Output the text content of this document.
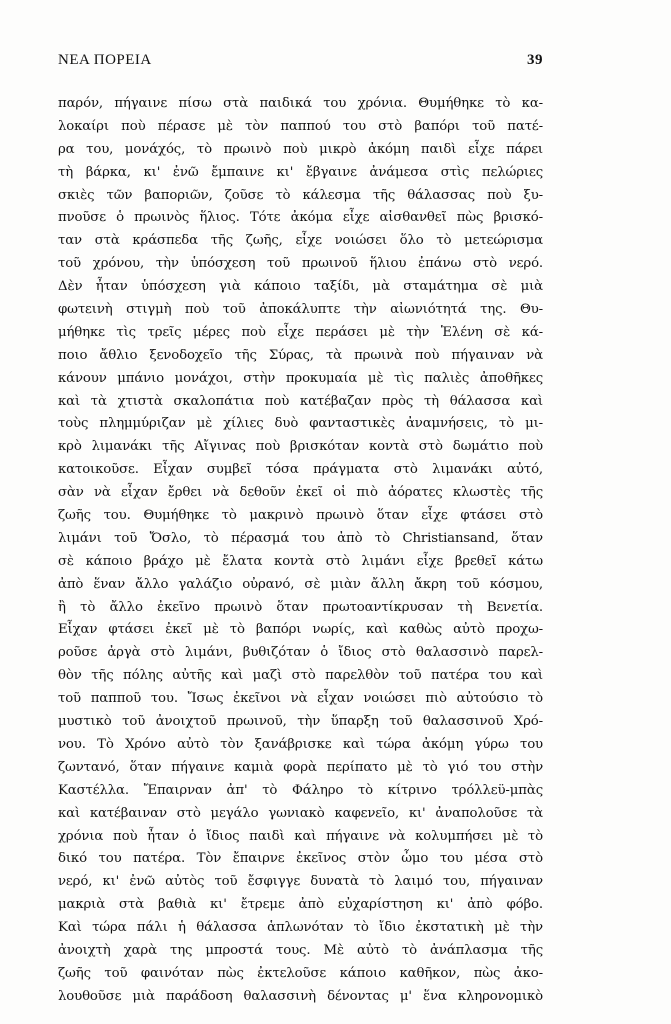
ΝΕΑ ΠΟΡΕΙΑ	39
παρόν, πήγαινε πίσω στὰ παιδικά του χρόνια. Θυμήθηκε τὸ κα-
λοκαίρι ποὺ πέρασε μὲ τὸν παππού του στὸ βαπόρι τοῦ πατέ-
ρα του, μονάχός, τὸ πρωινὸ ποὺ μικρὸ ἀκόμη παιδὶ εἶχε πάρει
τὴ βάρκα, κι' ἐνῶ ἔμπαινε κι' ἔβγαινε ἀνάμεσα στὶς πελώριες
σκιὲς τῶν βαποριῶν, ζοῦσε τὸ κάλεσμα τῆς θάλασσας ποὺ ξυ-
πνοῦσε ὁ πρωινὸς ἥλιος. Τότε ἀκόμα εἶχε αἰσθανθεῖ πὼς βρισκό-
ταν στὰ κράσπεδα τῆς ζωῆς, εἶχε νοιώσει ὅλο τὸ μετεώρισμα
τοῦ χρόνου, τὴν ὑπόσχεση τοῦ πρωινοῦ ἥλιου ἐπάνω στὸ νερό.
Δὲν ἦταν ὑπόσχεση γιὰ κάποιο ταξίδι, μὰ σταμάτημα σὲ μιὰ
φωτεινὴ στιγμὴ ποὺ τοῦ ἀποκάλυπτε τὴν αἰωνιότητά της. Θυ-
μήθηκε τὶς τρεῖς μέρες ποὺ εἶχε περάσει μὲ τὴν Ἑλένη σὲ κά-
ποιο ἄθλιο ξενοδοχεῖο τῆς Σύρας, τὰ πρωινὰ ποὺ πήγαιναν νὰ
κάνουν μπάνιο μονάχοι, στὴν προκυμαία μὲ τὶς παλιὲς ἀποθῆκες
καὶ τὰ χτιστὰ σκαλοπάτια ποὺ κατέβαζαν πρὸς τὴ θάλασσα καὶ
τοὺς πλημμύριζαν μὲ χίλιες δυὸ φανταστικὲς ἀναμνήσεις, τὸ μι-
κρὸ λιμανάκι τῆς Αἴγινας ποὺ βρισκόταν κοντὰ στὸ δωμάτιο ποὺ
κατοικοῦσε. Εἶχαν συμβεῖ τόσα πράγματα στὸ λιμανάκι αὐτό,
σὰν νὰ εἶχαν ἔρθει νὰ δεθοῦν ἐκεῖ οἱ πιὸ ἀόρατες κλωστὲς τῆς
ζωῆς του. Θυμήθηκε τὸ μακρινὸ πρωινὸ ὅταν εἶχε φτάσει στὸ
λιμάνι τοῦ Ὄσλο, τὸ πέρασμά του ἀπὸ τὸ Christiansand, ὅταν
σὲ κάποιο βράχο μὲ ἔλατα κοντὰ στὸ λιμάνι εἶχε βρεθεῖ κάτω
ἀπὸ ἕναν ἄλλο γαλάζιο οὐρανό, σὲ μιὰν ἄλλη ἄκρη τοῦ κόσμου,
ἢ τὸ ἄλλο ἐκεῖνο πρωινὸ ὅταν πρωτοαντίκρυσαν τὴ Βενετία.
Εἶχαν φτάσει ἐκεῖ μὲ τὸ βαπόρι νωρίς, καὶ καθὼς αὐτὸ προχω-
ροῦσε ἀργὰ στὸ λιμάνι, βυθιζόταν ὁ ἴδιος στὸ θαλασσινὸ παρελ-
θὸν τῆς πόλης αὐτῆς καὶ μαζὶ στὸ παρελθὸν τοῦ πατέρα του καὶ
τοῦ παπποῦ του. Ἴσως ἐκεῖνοι νὰ εἶχαν νοιώσει πιὸ αὐτούσιο τὸ
μυστικὸ τοῦ ἀνοιχτοῦ πρωινοῦ, τὴν ὕπαρξη τοῦ θαλασσινοῦ Χρό-
νου. Τὸ Χρόνο αὐτὸ τὸν ξανάβρισκε καὶ τώρα ἀκόμη γύρω του
ζωντανό, ὅταν πήγαινε καμιὰ φορὰ περίπατο μὲ τὸ γιό του στὴν
Καστέλλα. Ἔπαιρναν ἀπ' τὸ Φάληρο τὸ κίτρινο τρόλλεϋ-μπὰς
καὶ κατέβαιναν στὸ μεγάλο γωνιακὸ καφενεῖο, κι' ἀναπολοῦσε τὰ
χρόνια ποὺ ἦταν ὁ ἴδιος παιδὶ καὶ πήγαινε νὰ κολυμπήσει μὲ τὸ
δικό του πατέρα. Τὸν ἔπαιρνε ἐκεῖνος στὸν ὦμο του μέσα στὸ
νερό, κι' ἐνῶ αὐτὸς τοῦ ἔσφιγγε δυνατὰ τὸ λαιμό του, πήγαιναν
μακριὰ στὰ βαθιὰ κι' ἔτρεμε ἀπὸ εὐχαρίστηση κι' ἀπὸ φόβο.
Καὶ τώρα πάλι ἡ θάλασσα ἁπλωνόταν τὸ ἴδιο ἐκστατικὴ μὲ τὴν
ἀνοιχτὴ χαρὰ της μπροστά τους. Μὲ αὐτὸ τὸ ἀνάπλασμα τῆς
ζωῆς τοῦ φαινόταν πὼς ἐκτελοῦσε κάποιο καθῆκον, πὼς ἀκο-
λουθοῦσε μιὰ παράδοση θαλασσινὴ δένοντας μ' ἕνα κληρονομικὸ
